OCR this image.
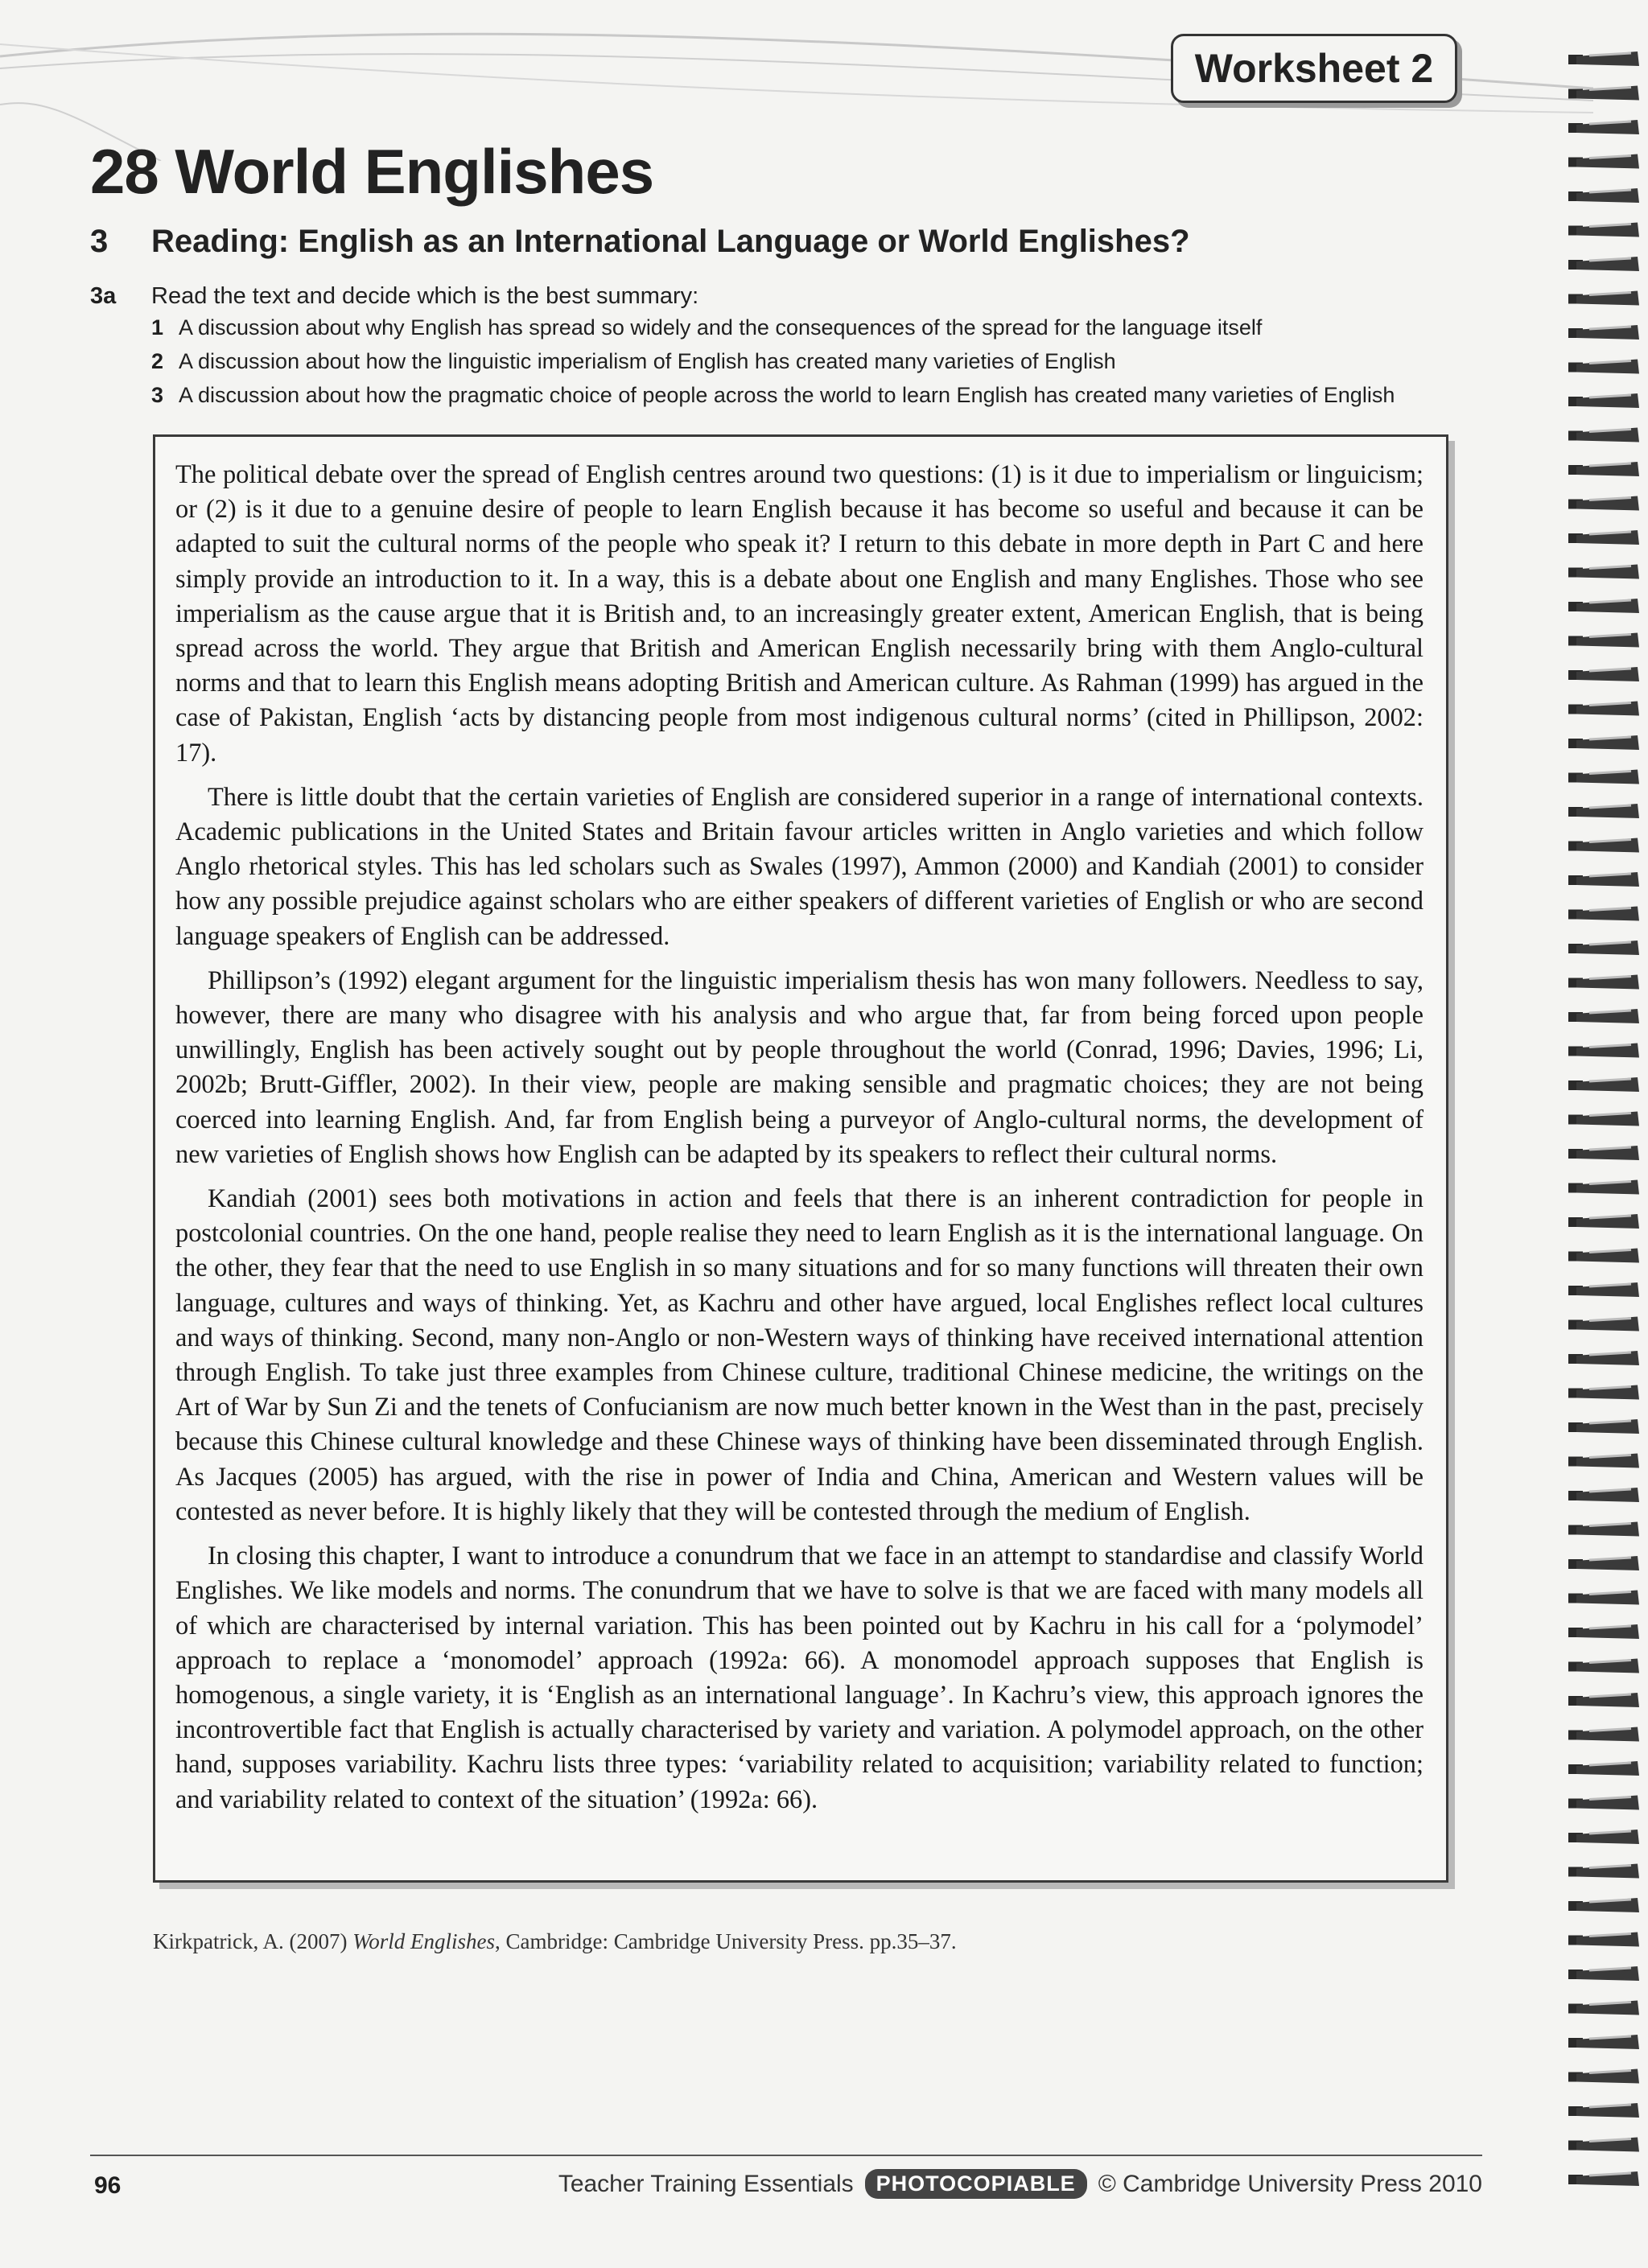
Worksheet 2
28 World Englishes
3 Reading: English as an International Language or World Englishes?
3a Read the text and decide which is the best summary:
1 A discussion about why English has spread so widely and the consequences of the spread for the language itself
2 A discussion about how the linguistic imperialism of English has created many varieties of English
3 A discussion about how the pragmatic choice of people across the world to learn English has created many varieties of English

The political debate over the spread of English centres around two questions: (1) is it due to imperialism or linguicism; or (2) is it due to a genuine desire of people to learn English because it has become so useful and because it can be adapted to suit the cultural norms of the people who speak it? I return to this debate in more depth in Part C and here simply provide an introduction to it. In a way, this is a debate about one English and many Englishes. Those who see imperialism as the cause argue that it is British and, to an increasingly greater extent, American English, that is being spread across the world. They argue that British and American English necessarily bring with them Anglo-cultural norms and that to learn this English means adopting British and American culture. As Rahman (1999) has argued in the case of Pakistan, English ‘acts by distancing people from most indigenous cultural norms’ (cited in Phillipson, 2002: 17).

There is little doubt that the certain varieties of English are considered superior in a range of international contexts. Academic publications in the United States and Britain favour articles written in Anglo varieties and which follow Anglo rhetorical styles. This has led scholars such as Swales (1997), Ammon (2000) and Kandiah (2001) to consider how any possible prejudice against scholars who are either speakers of different varieties of English or who are second language speakers of English can be addressed.

Phillipson’s (1992) elegant argument for the linguistic imperialism thesis has won many followers. Needless to say, however, there are many who disagree with his analysis and who argue that, far from being forced upon people unwillingly, English has been actively sought out by people throughout the world (Conrad, 1996; Davies, 1996; Li, 2002b; Brutt-Giffler, 2002). In their view, people are making sensible and pragmatic choices; they are not being coerced into learning English. And, far from English being a purveyor of Anglo-cultural norms, the development of new varieties of English shows how English can be adapted by its speakers to reflect their cultural norms.

Kandiah (2001) sees both motivations in action and feels that there is an inherent contradiction for people in postcolonial countries. On the one hand, people realise they need to learn English as it is the international language. On the other, they fear that the need to use English in so many situations and for so many functions will threaten their own language, cultures and ways of thinking. Yet, as Kachru and other have argued, local Englishes reflect local cultures and ways of thinking. Second, many non-Anglo or non-Western ways of thinking have received international attention through English. To take just three examples from Chinese culture, traditional Chinese medicine, the writings on the Art of War by Sun Zi and the tenets of Confucianism are now much better known in the West than in the past, precisely because this Chinese cultural knowledge and these Chinese ways of thinking have been disseminated through English. As Jacques (2005) has argued, with the rise in power of India and China, American and Western values will be contested as never before. It is highly likely that they will be contested through the medium of English.

In closing this chapter, I want to introduce a conundrum that we face in an attempt to standardise and classify World Englishes. We like models and norms. The conundrum that we have to solve is that we are faced with many models all of which are characterised by internal variation. This has been pointed out by Kachru in his call for a ‘polymodel’ approach to replace a ‘monomodel’ approach (1992a: 66). A monomodel approach supposes that English is homogenous, a single variety, it is ‘English as an international language’. In Kachru’s view, this approach ignores the incontrovertible fact that English is actually characterised by variety and variation. A polymodel approach, on the other hand, supposes variability. Kachru lists three types: ‘variability related to acquisition; variability related to function; and variability related to context of the situation’ (1992a: 66).

Kirkpatrick, A. (2007) World Englishes, Cambridge: Cambridge University Press. pp.35–37.
96	Teacher Training Essentials	PHOTOCOPIABLE © Cambridge University Press 2010
